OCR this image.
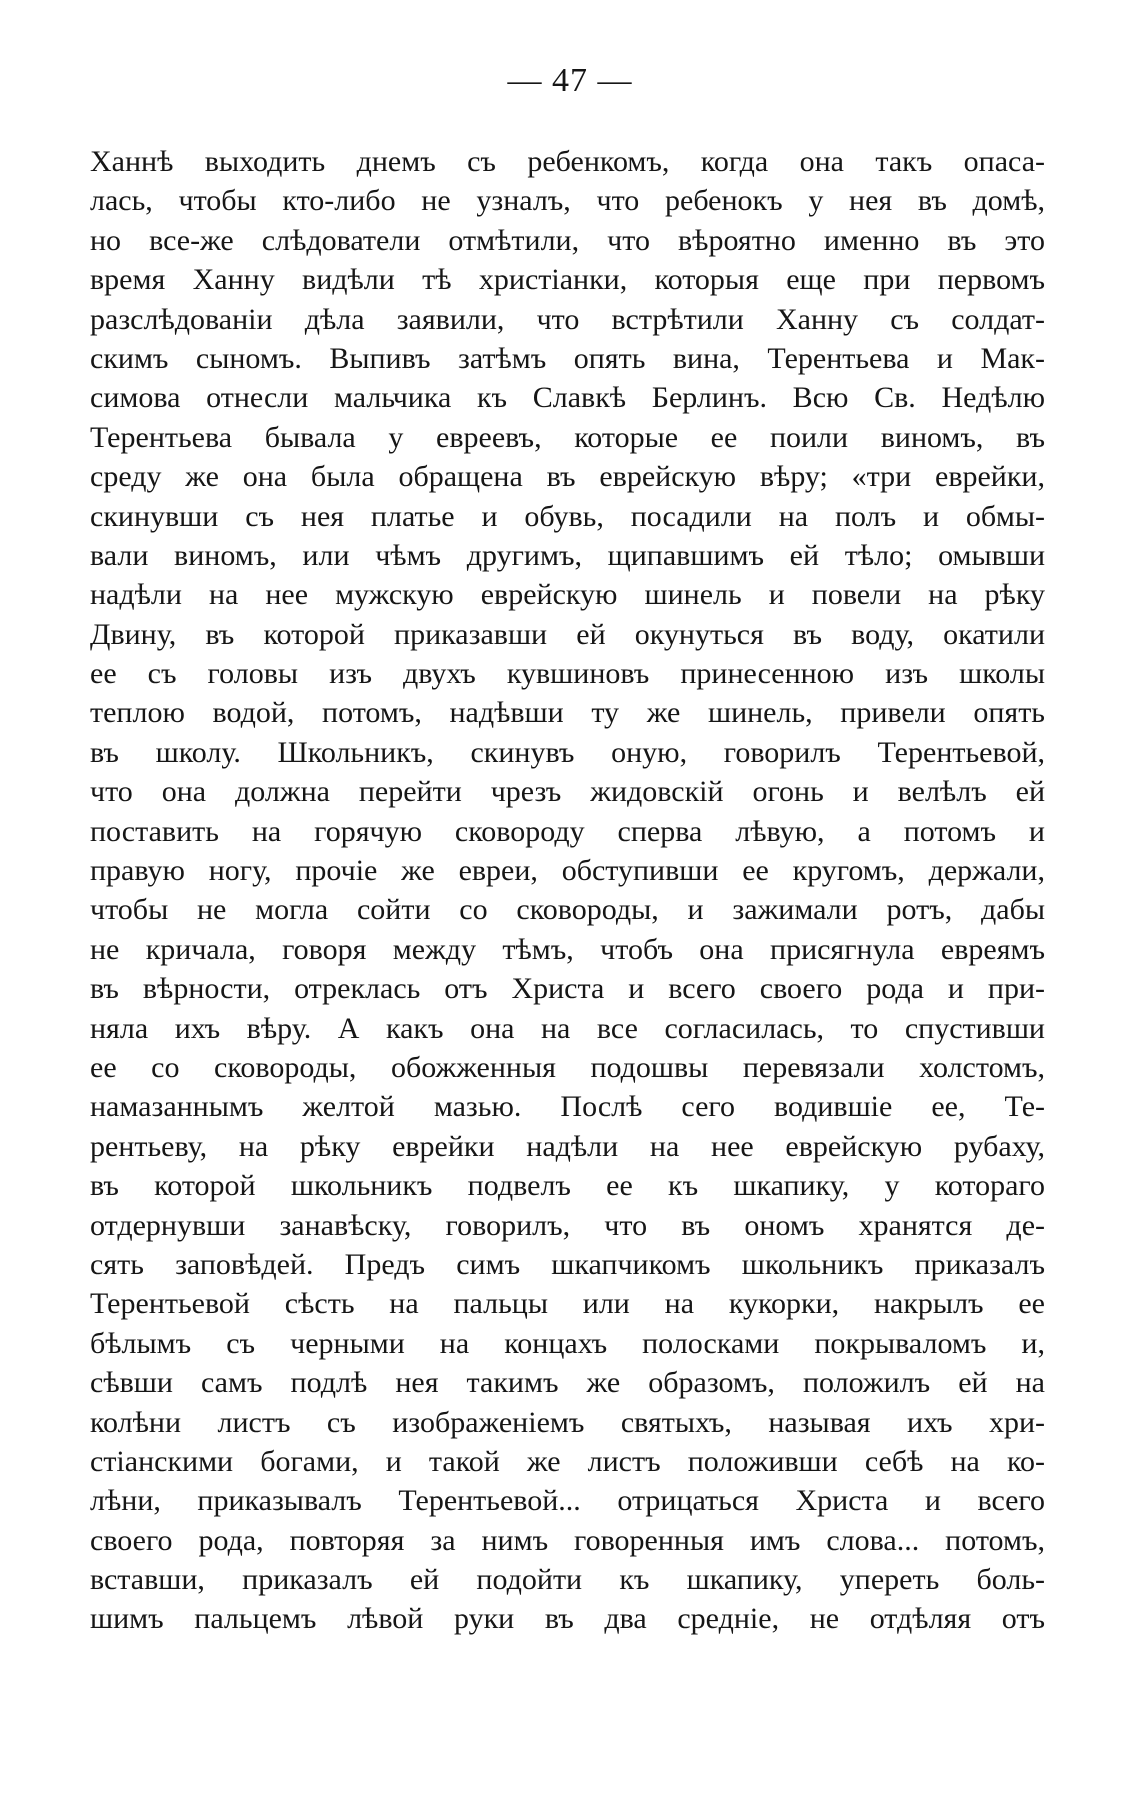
— 47 —
Ханнѣ выходить днемъ съ ребенкомъ, когда она такъ опаса-
лась, чтобы кто-либо не узналъ, что ребенокъ у нея въ домѣ,
но все-же слѣдователи отмѣтили, что вѣроятно именно въ это
время Ханну видѣли тѣ христіанки, которыя еще при первомъ
разслѣдованіи дѣла заявили, что встрѣтили Ханну съ солдат-
скимъ сыномъ. Выпивъ затѣмъ опять вина, Терентьева и Мак-
симова отнесли мальчика къ Славкѣ Берлинъ. Всю Св. Недѣлю
Терентьева бывала у евреевъ, которые ее поили виномъ, въ
среду же она была обращена въ еврейскую вѣру; «три еврейки,
скинувши съ нея платье и обувь, посадили на полъ и обмы-
вали виномъ, или чѣмъ другимъ, щипавшимъ ей тѣло; омывши
надѣли на нее мужскую еврейскую шинель и повели на рѣку
Двину, въ которой приказавши ей окунуться въ воду, окатили
ее съ головы изъ двухъ кувшиновъ принесенною изъ школы
теплою водой, потомъ, надѣвши ту же шинель, привели опять
въ школу. Школьникъ, скинувъ оную, говорилъ Терентьевой,
что она должна перейти чрезъ жидовскій огонь и велѣлъ ей
поставить на горячую сковороду сперва лѣвую, а потомъ и
правую ногу, прочіе же евреи, обступивши ее кругомъ, держали,
чтобы не могла сойти со сковороды, и зажимали ротъ, дабы
не кричала, говоря между тѣмъ, чтобъ она присягнула евреямъ
въ вѣрности, отреклась отъ Христа и всего своего рода и при-
няла ихъ вѣру. А какъ она на все согласилась, то спустивши
ее со сковороды, обожженныя подошвы перевязали холстомъ,
намазаннымъ желтой мазью. Послѣ сего водившіе ее, Те-
рентьеву, на рѣку еврейки надѣли на нее еврейскую рубаху,
въ которой школьникъ подвелъ ее къ шкапику, у котораго
отдернувши занавѣску, говорилъ, что въ ономъ хранятся де-
сять заповѣдей. Предъ симъ шкапчикомъ школьникъ приказалъ
Терентьевой сѣсть на пальцы или на кукорки, накрылъ ее
бѣлымъ съ черными на концахъ полосками покрываломъ и,
сѣвши самъ подлѣ нея такимъ же образомъ, положилъ ей на
колѣни листъ съ изображеніемъ святыхъ, называя ихъ хри-
стіанскими богами, и такой же листъ положивши себѣ на ко-
лѣни, приказывалъ Терентьевой... отрицаться Христа и всего
своего рода, повторяя за нимъ говоренныя имъ слова... потомъ,
вставши, приказалъ ей подойти къ шкапику, упереть боль-
шимъ пальцемъ лѣвой руки въ два средніе, не отдѣляя отъ
